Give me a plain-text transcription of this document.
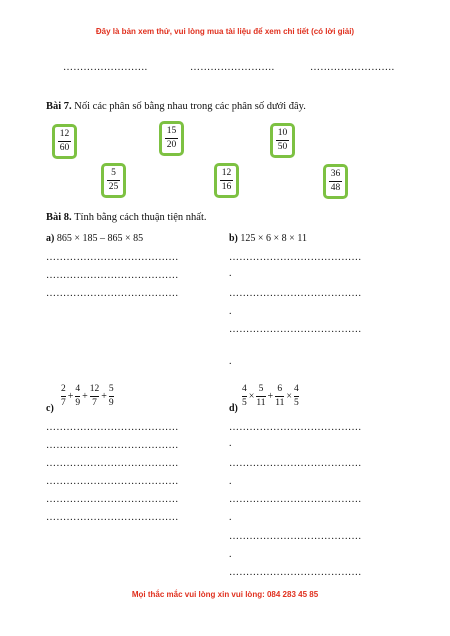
Đây là bản xem thử, vui lòng mua tài liệu để xem chi tiết (có lời giải)
…………………….	…………………….	…………………….
Bài 7. Nối các phân số bằng nhau trong các phân số dưới đây.
12
60
15
20
10
50
5
25
12
16
36
48
Bài 8. Tính bằng cách thuận tiện nhất.
a) 865 × 185 – 865 × 85
…………………………………
…………………………………
…………………………………
b) 125 × 6 × 8 × 11
…………………………………
.
…………………………………
.
…………………………………
.
$\frac{2}{7} + \frac{4}{9} + \frac{12}{7} + \frac{5}{9}$
c)
…………………………………
…………………………………
…………………………………
…………………………………
…………………………………
…………………………………
$\frac{4}{5} \times \frac{5}{11} + \frac{6}{11} \times \frac{4}{5}$
d)
…………………………………
.
…………………………………
.
…………………………………
.
…………………………………
.
…………………………………
Mọi thắc mắc vui lòng xin vui lòng: 084 283 45 85
